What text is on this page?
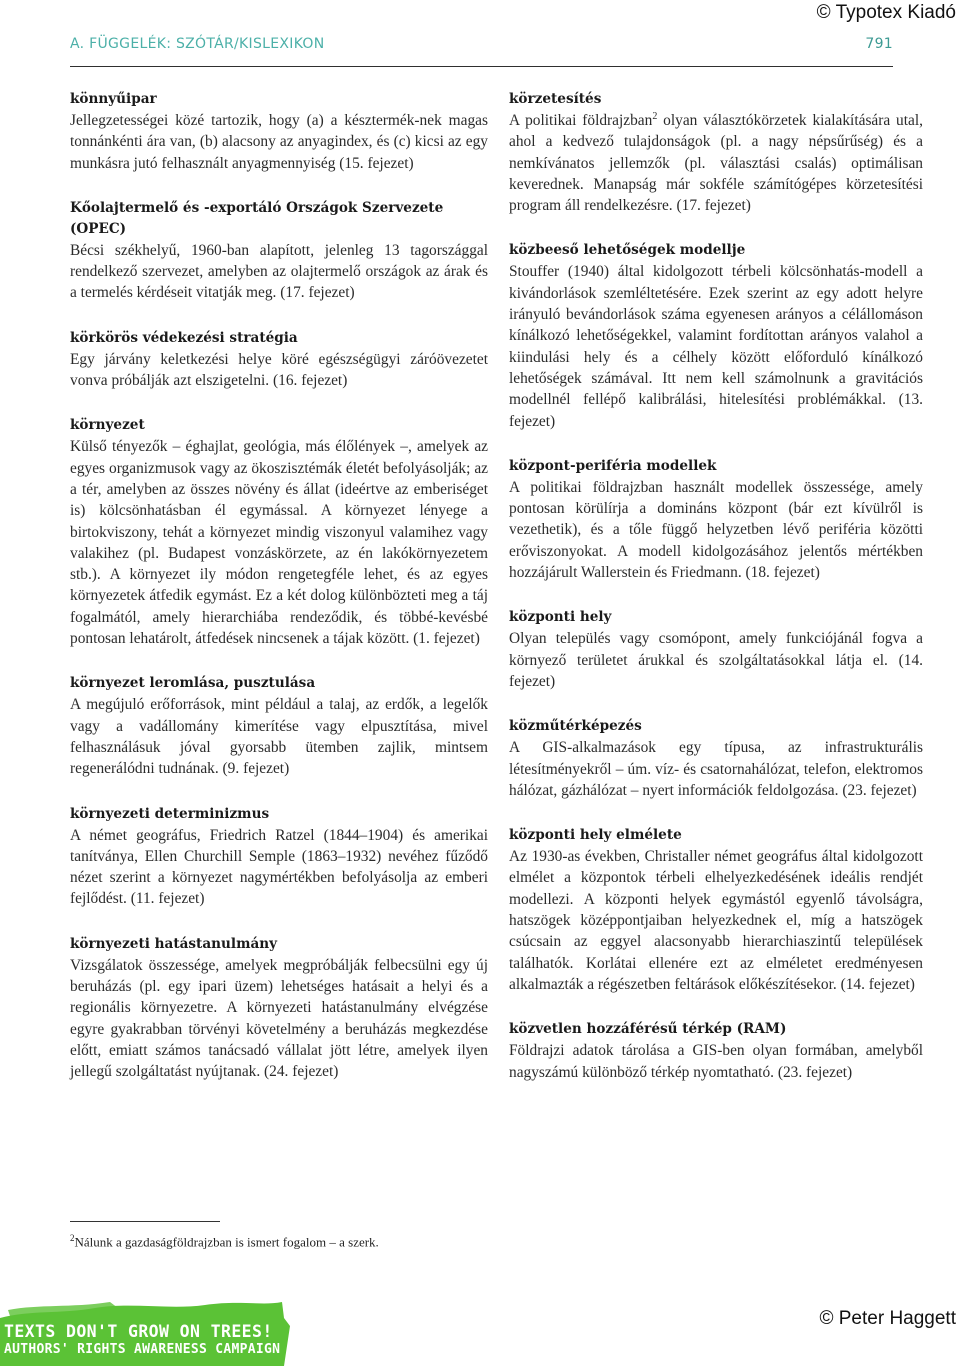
© Typotex Kiadó
A. FÜGGELÉK: SZÓTÁR/KISLEXIKON	791
könnyűipar

Jellegzetességei közé tartozik, hogy (a) a késztermék-nek magas tonnánkénti ára van, (b) alacsony az anyagindex, és (c) kicsi az egy munkásra jutó felhasznált anyagmennyiség (15. fejezet)

Kőolajtermelő és -exportáló Országok Szervezete (OPEC)

Bécsi székhelyű, 1960-ban alapított, jelenleg 13 tagországgal rendelkező szervezet, amelyben az olajtermelő országok az árak és a termelés kérdéseit vitatják meg. (17. fejezet)

körkörös védekezési stratégia

Egy járvány keletkezési helye köré egészségügyi záróövezetet vonva próbálják azt elszigetelni. (16. fejezet)

környezet

Külső tényezők – éghajlat, geológia, más élőlények –, amelyek az egyes organizmusok vagy az ökoszisztémák életét befolyásolják; az a tér, amelyben az összes növény és állat (ideértve az emberiséget is) kölcsönhatásban él egymással. A környezet lényege a birtokviszony, tehát a környezet mindig viszonyul valamihez vagy valakihez (pl. Budapest vonzáskörzete, az én lakókörnyezetem stb.). A környezet ily módon rengetegféle lehet, és az egyes környezetek átfedik egymást. Ez a két dolog különbözteti meg a táj fogalmától, amely hierarchiába rendeződik, és többé-kevésbé pontosan lehatárolt, átfedések nincsenek a tájak között. (1. fejezet)

környezet leromlása, pusztulása

A megújuló erőforrások, mint például a talaj, az erdők, a legelők vagy a vadállomány kimerítése vagy elpusztítása, mivel felhasználásuk jóval gyorsabb ütemben zajlik, mintsem regenerálódni tudnának. (9. fejezet)

környezeti determinizmus

A német geográfus, Friedrich Ratzel (1844–1904) és amerikai tanítványa, Ellen Churchill Semple (1863–1932) nevéhez fűződő nézet szerint a környezet nagymértékben befolyásolja az emberi fejlődést. (11. fejezet)

környezeti hatástanulmány

Vizsgálatok összessége, amelyek megpróbálják felbecsülni egy új beruházás (pl. egy ipari üzem) lehetséges hatásait a helyi és a regionális környezetre. A környezeti hatástanulmány elvégzése egyre gyakrabban törvényi követelmény a beruházás megkezdése előtt, emiatt számos tanácsadó vállalat jött létre, amelyek ilyen jellegű szolgáltatást nyújtanak. (24. fejezet)

körzetesítés

A politikai földrajzban$^2$ olyan választókörzetek kialakítására utal, ahol a kedvező tulajdonságok (pl. a nagy népsűrűség) és a nemkívánatos jellemzők (pl. választási csalás) optimálisan keverednek. Manapság már sokféle számítógépes körzetesítési program áll rendelkezésre. (17. fejezet)

közbeeső lehetőségek modellje

Stouffer (1940) által kidolgozott térbeli kölcsönhatás-modell a kivándorlások szemléltetésére. Ezek szerint az egy adott helyre irányuló bevándorlások száma egyenesen arányos a célállomáson kínálkozó lehetőségekkel, valamint fordítottan arányos valahol a kiindulási hely és a célhely között előforduló kínálkozó lehetőségek számával. Itt nem kell számolnunk a gravitációs modellnél fellépő kalibrálási, hitelesítési problémákkal. (13. fejezet)

központ-periféria modellek

A politikai földrajzban használt modellek összessége, amely pontosan körülírja a domináns központ (bár ezt kívülről is vezethetik), és a tőle függő helyzetben lévő periféria közötti erőviszonyokat. A modell kidolgozásához jelentős mértékben hozzájárult Wallerstein és Friedmann. (18. fejezet)

központi hely

Olyan település vagy csomópont, amely funkciójánál fogva a környező területet árukkal és szolgáltatásokkal látja el. (14. fejezet)

közműtérképezés

A GIS-alkalmazások egy típusa, az infrastrukturális létesítményekről – úm. víz- és csatornahálózat, telefon, elektromos hálózat, gázhálózat – nyert információk feldolgozása. (23. fejezet)

központi hely elmélete

Az 1930-as években, Christaller német geográfus által kidolgozott elmélet a központok térbeli elhelyezkedésének ideális rendjét modellezi. A központi helyek egymástól egyenlő távolságra, hatszögek középpontjaiban helyezkednek el, míg a hatszögek csúcsain az eggyel alacsonyabb hierarchiaszintű települések találhatók. Korlátai ellenére ezt az elméletet eredményesen alkalmazták a régészetben feltárások előkészítésekor. (14. fejezet)

közvetlen hozzáférésű térkép (RAM)

Földrajzi adatok tárolása a GIS-ben olyan formában, amelyből nagyszámú különböző térkép nyomtatható. (23. fejezet)

$^2$Nálunk a gazdaságföldrajzban is ismert fogalom – a szerk.
TEXTS DON'T GROW ON TREES!
AUTHORS' RIGHTS AWARENESS CAMPAIGN
© Peter Haggett
